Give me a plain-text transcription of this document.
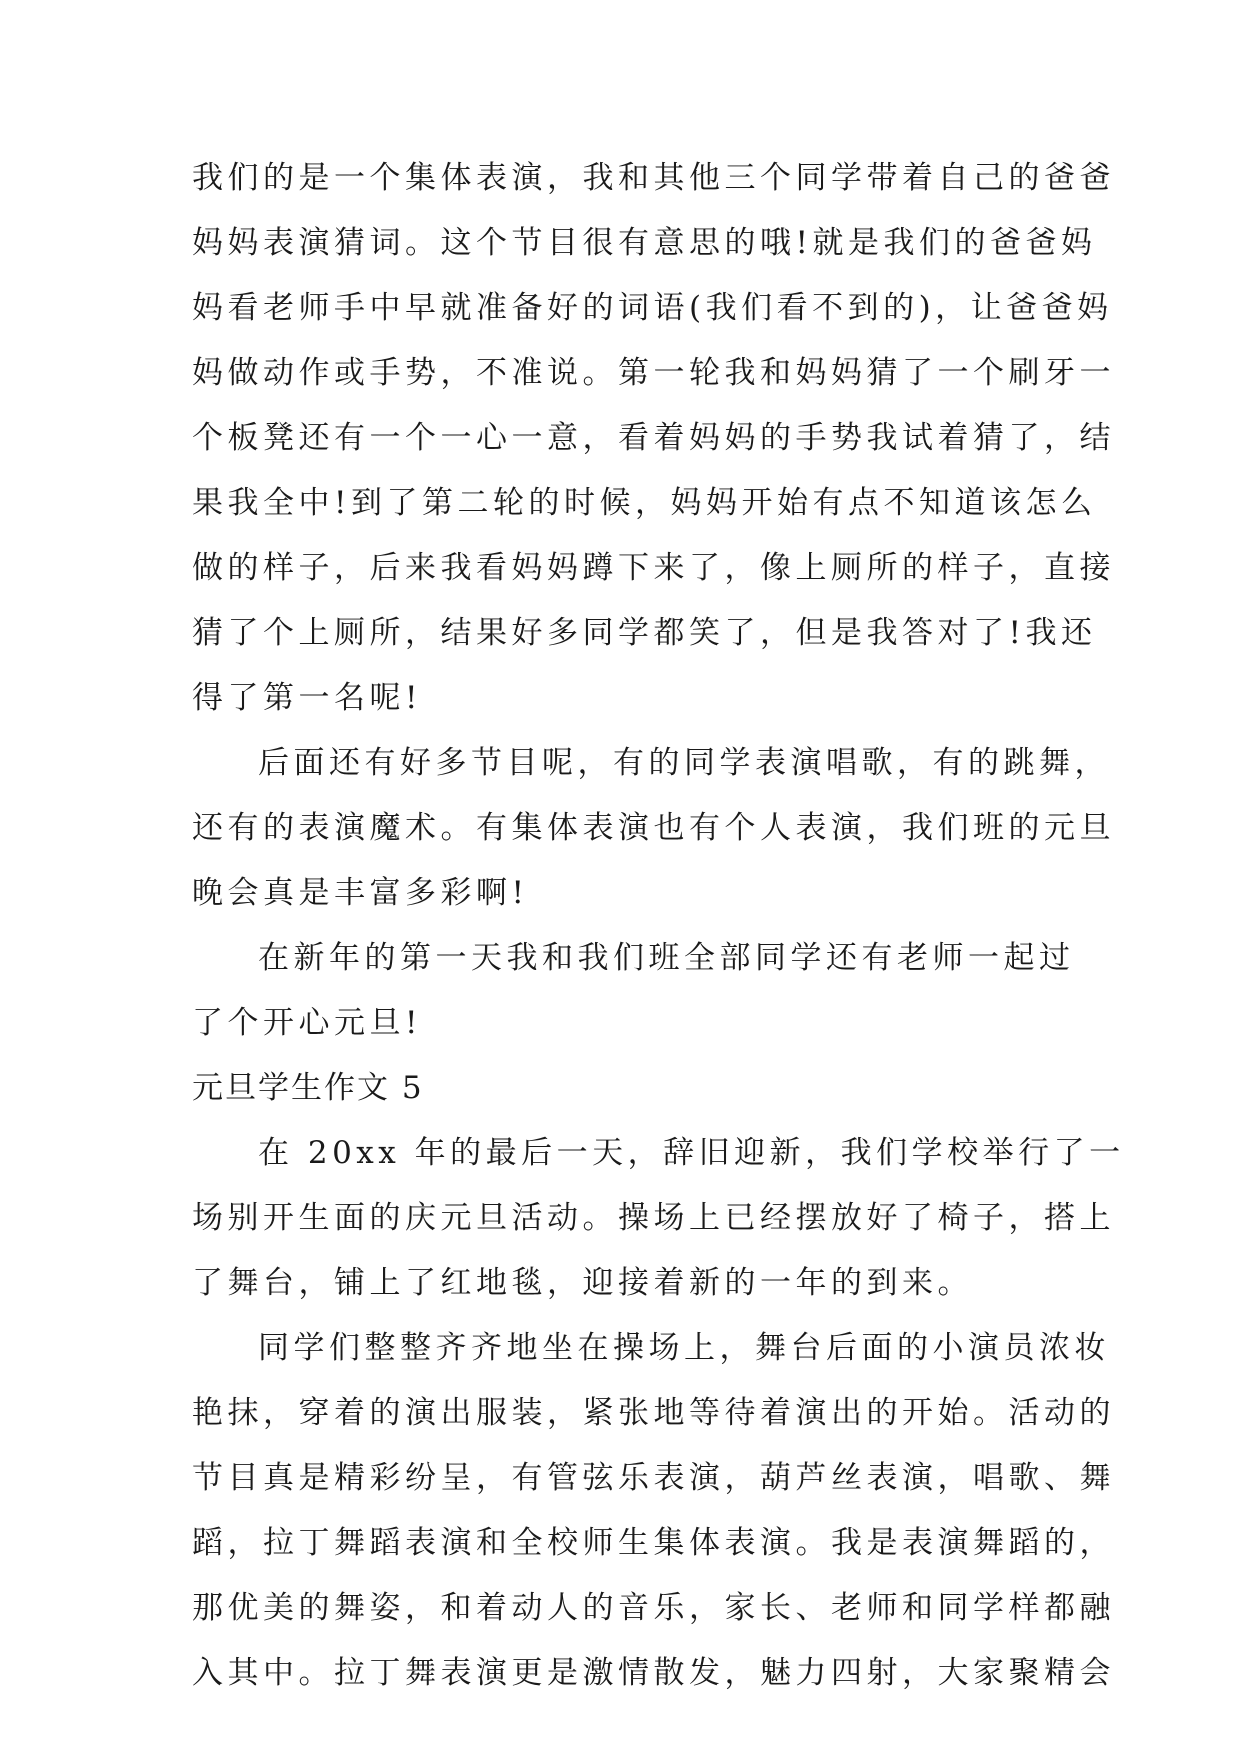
我们的是一个集体表演，我和其他三个同学带着自己的爸爸
妈妈表演猜词。这个节目很有意思的哦!就是我们的爸爸妈
妈看老师手中早就准备好的词语(我们看不到的)，让爸爸妈
妈做动作或手势，不准说。第一轮我和妈妈猜了一个刷牙一
个板凳还有一个一心一意，看着妈妈的手势我试着猜了，结
果我全中!到了第二轮的时候，妈妈开始有点不知道该怎么
做的样子，后来我看妈妈蹲下来了，像上厕所的样子，直接
猜了个上厕所，结果好多同学都笑了，但是我答对了!我还
得了第一名呢!
后面还有好多节目呢，有的同学表演唱歌，有的跳舞，
还有的表演魔术。有集体表演也有个人表演，我们班的元旦
晚会真是丰富多彩啊!
在新年的第一天我和我们班全部同学还有老师一起过
了个开心元旦!
元旦学生作文 5
在 20xx 年的最后一天，辞旧迎新，我们学校举行了一
场别开生面的庆元旦活动。操场上已经摆放好了椅子，搭上
了舞台，铺上了红地毯，迎接着新的一年的到来。
同学们整整齐齐地坐在操场上，舞台后面的小演员浓妆
艳抹，穿着的演出服装，紧张地等待着演出的开始。活动的
节目真是精彩纷呈，有管弦乐表演，葫芦丝表演，唱歌、舞
蹈，拉丁舞蹈表演和全校师生集体表演。我是表演舞蹈的，
那优美的舞姿，和着动人的音乐，家长、老师和同学样都融
入其中。拉丁舞表演更是激情散发，魅力四射，大家聚精会
